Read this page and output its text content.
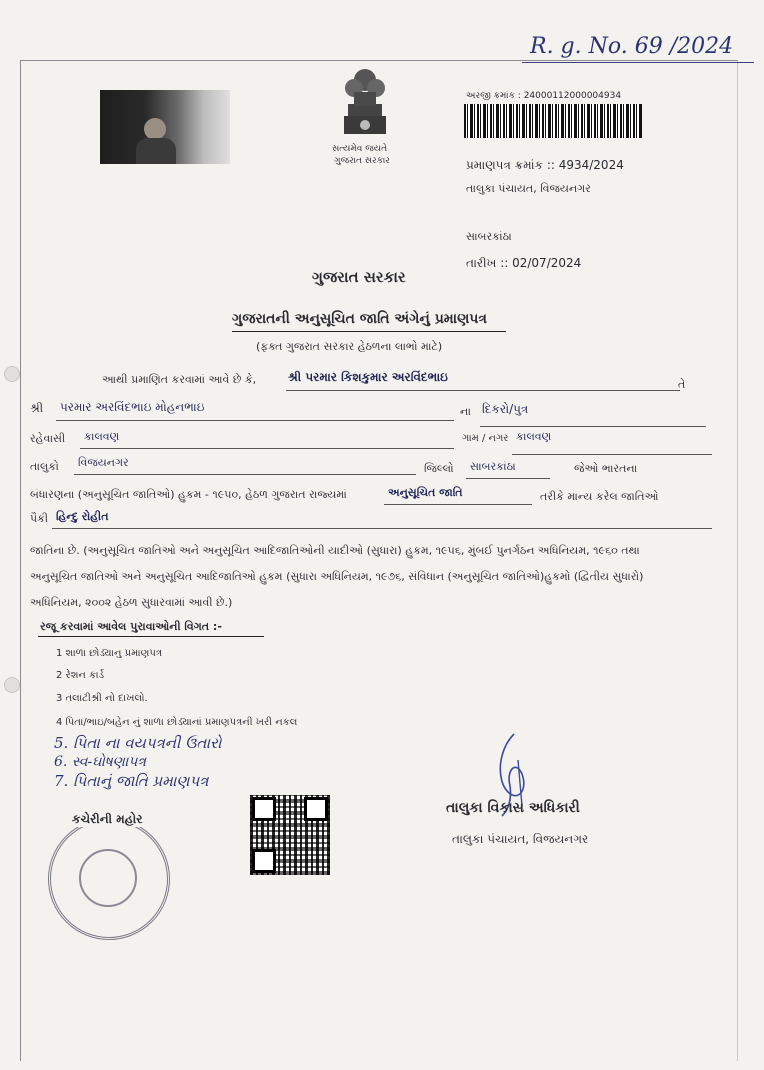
R. g. No. 69 /2024
સત્યમેવ જયતે
ગુજરાત સરકાર
અરજી ક્રમાંક : 24000112000004934
પ્રમાણપત્ર ક્રમાંક :: 4934/2024
તાલુકા પંચાયત, વિજયનગર
સાબરકાંઠા
તારીખ :: 02/07/2024
ગુજરાત સરકાર
ગુજરાતની અનુસૂચિત જાતિ અંગેનું પ્રમાણપત્ર
(ફક્ત ગુજરાત સરકાર હેઠળના લાભો માટે)
આથી પ્રમાણિત કરવામાં આવે છે કે,	શ્રી પરમાર કિશકુમાર અરવિંદભાઇ
તે
શ્રી પરમાર અરવિંદભાઇ મોહનભાઇ	ના દિકરો/પુત્ર
રહેવાસી કાલવણ	ગામ / નગર કાલવણ
તાલુકો વિજયનગર	જિલ્લો સાબરકાંઠા	જેઓ ભારતના
બંધારણના (અનુસૂચિત જાતિઓ) હુકમ - ૧૯૫૦, હેઠળ ગુજરાત રાજ્યમાં	અનુસૂચિત જાતિ	તરીકે માન્ય કરેલ જાતિઓ
પૈકી હિન્દુ રોહીત
જાતિના છે. (અનુસૂચિત જાતિઓ અને અનુસૂચિત આદિજાતિઓની યાદીઓ (સુધારા) હુકમ, ૧૯૫૬, મુંબઈ પુનર્ગઠન અધિનિયમ, ૧૯૬૦ તથા
અનુસૂચિત જાતિઓ અને અનુસૂચિત આદિજાતિઓ હુકમ (સુધારા અધિનિયમ, ૧૯૭૬, સંવિધાન (અનુસૂચિત જાતિઓ)હુકમો (દ્વિતીય સુધારો)
અધિનિયમ, ૨૦૦૨ હેઠળ સુધારવામાં આવી છે.)
રજૂ કરવામાં આવેલ પુરાવાઓની વિગત :-
1 શાળા છોડ્યાનુ પ્રમાણપત્ર
2 રેશન કાર્ડ
3 તલાટીશ્રી નો દાખલો.
4 પિતા/ભાઇ/બહેન નું શાળા છોડ્યાનાં પ્રમાણપત્રની ખરી નકલ
5. પિતા ના વયપત્રની ઉતારો
6. સ્વ-ઘોષણાપત્ર
7. પિતાનું જાતિ પ્રમાણપત્ર
કચેરીની મહોર
તાલુકા વિકાસ અધિકારી
તાલુકા પંચાયત, વિજયનગર
